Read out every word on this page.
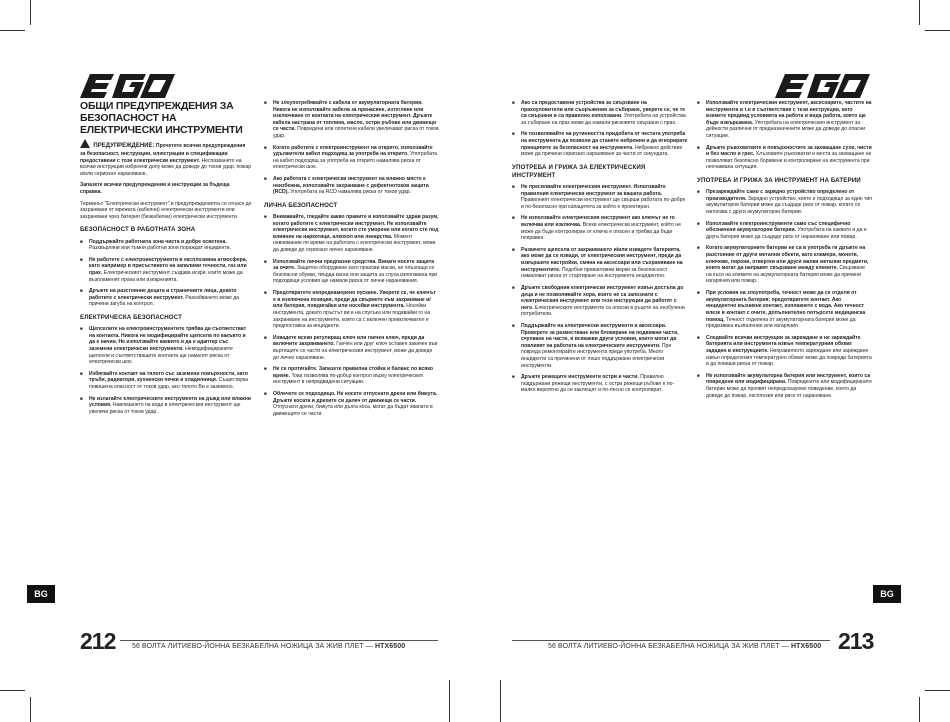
ОБЩИ ПРЕДУПРЕЖДЕНИЯ ЗА БЕЗОПАСНОСТ НА ЕЛЕКТРИЧЕСКИ ИНСТРУМЕНТИ

ПРЕДУПРЕЖДЕНИЕ: Прочетете всички предупреждения за безопасност, инструкции, илюстрации и спецификации предоставени с този електрически инструмент. Неспазването на всички инструкции изброени долу може да доведе до токов удар, пожар и/или сериозно нараняване.

Запазете всички предупреждения и инструкции за бъдеща справка.

Терминът "Електрически инструмент" в предупрежденията се отнася до захранвани от мрежата (кабелни) електрически инструменти или захранвани чрез батерия (безкабелни) електрически инструменти.

БЕЗОПАСНОСТ В РАБОТНАТА ЗОНА
■ Поддържайте работната зона чиста и добре осветена. Разхвърляни или тъмни работни зони пораждат инциденти.
■ Не работете с електроинструменти в експлозивна атмосфера, като например в присъствието на запалими течности, газ или прах. Електрическият инструмент създава искри, които може да възпламенят праха или изпаренията.
■ Дръжте на разстояние децата и страничните лица, докато работите с електрически инструмент. Разсейването може да причини загуба на контрол.
ЕЛЕКТРИЧЕСКА БЕЗОПАСНОСТ
■ Щепселите на електроинструментите трябва да съответстват на контакта. Никога не модифицирайте щепсела по какъвто и да е начин. Не използвайте каквито и да е адаптер със заземени електрически инструменти. Немодифицираните щепсели и съответстващите контакти ще намалят риска от електрически шок.
■ Избягвайте контакт на тялото със заземени повърхности, като тръби, радиатори, кухненски печки и хладилници. Съществува повишена опасност от токов удар, ако тялото Ви е заземено.
■ Не излагайте електрическите инструменти на дъжд или влажни условия. Навлизането на вода в електрическия инструмент ще увеличи риска от токов удар.
■ Не злоупотребявайте с кабела от акумулаторната батерия. Никога не използвайте кабела за пренасяне, изтегляне или изключване от контакта на електрическия инструмент. Дръжте кабела настрана от топлина, масло, остри ръбове или движещи се части. Повредени или оплетени кабели увеличават риска от токов удар.
■ Когато работите с електроинструмент на открито, използвайте удължители кабел подходящ за употреба на открито. Употребата на кабел подходящ за употреба на открито намалява риска от електрически шок.
■ Ако работата с електрически инструмент на влажно място е неизбежна, използвайте захранване с дефектнотоков защита (RCD). Употребата на RCD намалява риска от токов удар.
ЛИЧНА БЕЗОПАСНОСТ
■ Внимавайте, гледайте какво правите и използвайте здрав разум, когато работите с електрически инструмент. Не използвайте електрически инструмент, когато сте уморени или когато сте под влияние на наркотици, алкохол или лекарства. Момент невнимание по време на работата с електрически инструмент, може да доведе до сериозно лично нараняване.
■ Използвайте лични предпазни средства. Винаги носете защита за очите. Защитно оборудване като прахови маски, не плъзгащи се безопасни обувки, твърда каска или защита за слуха използвана при подходящи условия ще намали риска от лични наранявания.
■ Предотвратете непреднамерено пускане. Уверете се, че ключът е в изключена позиция, преди да свържете към захранване и/или батерия, повдигайки или носейки инструмента. Носейки инструмента, докато пръстът ви е на спусъка или подавайки го на захранване на инструменти, които са с включен превключвател е предпоставка за инциденти.
■ Извадете всеки регулиращ ключ или гаечен ключ, преди да включите захранването. Гаечен или друг ключ оставен закачен във въртящите се части на електрическия инструмент, може да доведе до лично нараняване.
■ Не се протягайте. Запазете правилна стойка и баланс по всяко време. Това позволява по-добър контрол върху електрическия инструмент в непредвидени ситуации.
■ Облечете се подходящо. Не носете отпуснати дрехи или бижута. Дръжте косата и дрехите си далеч от движещи се части. Отпуснати дрехи, бижута или дълга коса, могат да бъдат хванати в движещите се части.
■ Ако са предоставени устройства за свързване на прахоуловители или съоръжения за събиране, уверете се, че те са свързани и са правилно използвани. Употребата на устройства за събиране на прах може да намали рисковете свързани с прах.
■ Не позволявайте на рутинността придобита от честата употреба на инструмента да позволи да станете небрежни и да игнорирате принципите за безопасност на инструмента. Небрежно действие може да причини сериозно нараняване за части от секундата.
УПОТРЕБА И ГРИЖА ЗА ЕЛЕКТРИЧЕСКИЯ ИНСТРУМЕНТ
■ Не пресилвайте електрическия инструмент. Използвайте правилния електрически инструмент за вашата работа. Правилният електрически инструмент ще свърши работата по-добре и по-безопасно при капацитета за който е проектиран.
■ Не използвайте електрическия инструмент ако ключът не го включва или изключва. Всеки електрически инструмент, който не може да бъде контролиран от ключа е опасен и трябва да бъде поправен.
■ Разкачете щепсела от захранването и/или извадете батерията, ако може да се извади, от електрическия инструмент, преди да извършите настройки, смяна на аксесоари или съхраняване на инструментите. Подобни превантивни мерки за безопасност намаляват риска от стартиране на инструмента инцидентно.
■ Дръжте свободния електрически инструмент извън достъпа до деца и не позволявайте хора, които не са запознати с електрическия инструмент или тези инструкции да работят с него. Електрическите инструменти са опасни в ръцете на необучени потребители.
■ Поддържайте на електрически инструменти и аксесоари. Проверете за разместване или блокиране на подвижни части, счупване на части, и всякакви други условия, които могат да повлияят на работата на електрическите инструменти. При повреда ремонтирайте инструмента преди употреба. Много инциденти са причинени от лошо поддържани електрически инструменти.
■ Дръжте режещите инструменти остри и чисти. Правилно поддържани режещи инструменти, с остри режещи ръбове е по-малко вероятно да се заклещят и по-лесно се контролират.
■ Използвайте електрическия инструмент, аксесоарите, частите на инструмента и т.н в съответствие с тези инструкции, като вземете предвид условията на работа и вида работа, която ще бъде извършвана. Употребата на електрическия инструмент за дейности различни от предназначените може да доведе до опасни ситуации.
■ Дръжте ръкохватките и повърхностите за захващане сухи, чисти и без масло и грес. Хлъзгавите ръкохватки и места за захващане не позволяват безопасно боравене и контролиране на инструмента при неочаквана ситуация.
УПОТРЕБА И ГРИЖА ЗА ИНСТРУМЕНТ НА БАТЕРИИ
■ Презареждайте само с зарядно устройство определено от производителя. Зарядно устройство, което е подходящо за един тип акумулаторни батерии може да създаде риск от пожар, когато се използва с други акумулаторни батерии.
■ Използвайте електроинструменти само със специфично обозначени акумулаторни батерии. Употребата на каквато и да е друга батерия може да създаде риск от нараняване или пожар.
■ Когато акумулаторните батерии не са в употреба ги дръжте на разстояние от други метални обекти, като кламери, монети, ключове, пирони, отвертки или други малки метални предмети, които могат да направят свързване между клемите. Свързване на късо на клемите на акумулаторната батерия може да причини изгаряния или пожар.
■ При условия на злоупотреба, течност може да се отделя от акумулаторната батерия; предотвратете контакт. Ако инцидентно възникне контакт, изплакнете с вода. Ако течност влезе в контакт с очите, допълнително потърсете медицинска помощ. Течност отделена от акумулаторната батерия може да предизвика възпаление или изгаряния.
■ Следвайте всички инструкции за зареждане и не зареждайте батерията или инструмента извън температурния обхват зададен в инструкциите. Неправилното зареждане или зареждане извън определения температурен обхват може да повреди батерията и да повиши риска от пожар.
■ Не използвайте акумулаторна батерия или инструмент, които са повредени или модифицирани. Повредените или модифицираните батерии може да проявят непредсказуемо поведение, което да доведе до пожар, експлозия или риск от нараняване.
BG	BG
212 56 ВОЛТА ЛИТИЕВО-ЙОННА БЕЗКАБЕЛНА НОЖИЦА ЗА ЖИВ ПЛЕТ — HTX6500	213
56 ВОЛТА ЛИТИЕВО-ЙОННА БЕЗКАБЕЛНА НОЖИЦА ЗА ЖИВ ПЛЕТ — HTX6500
